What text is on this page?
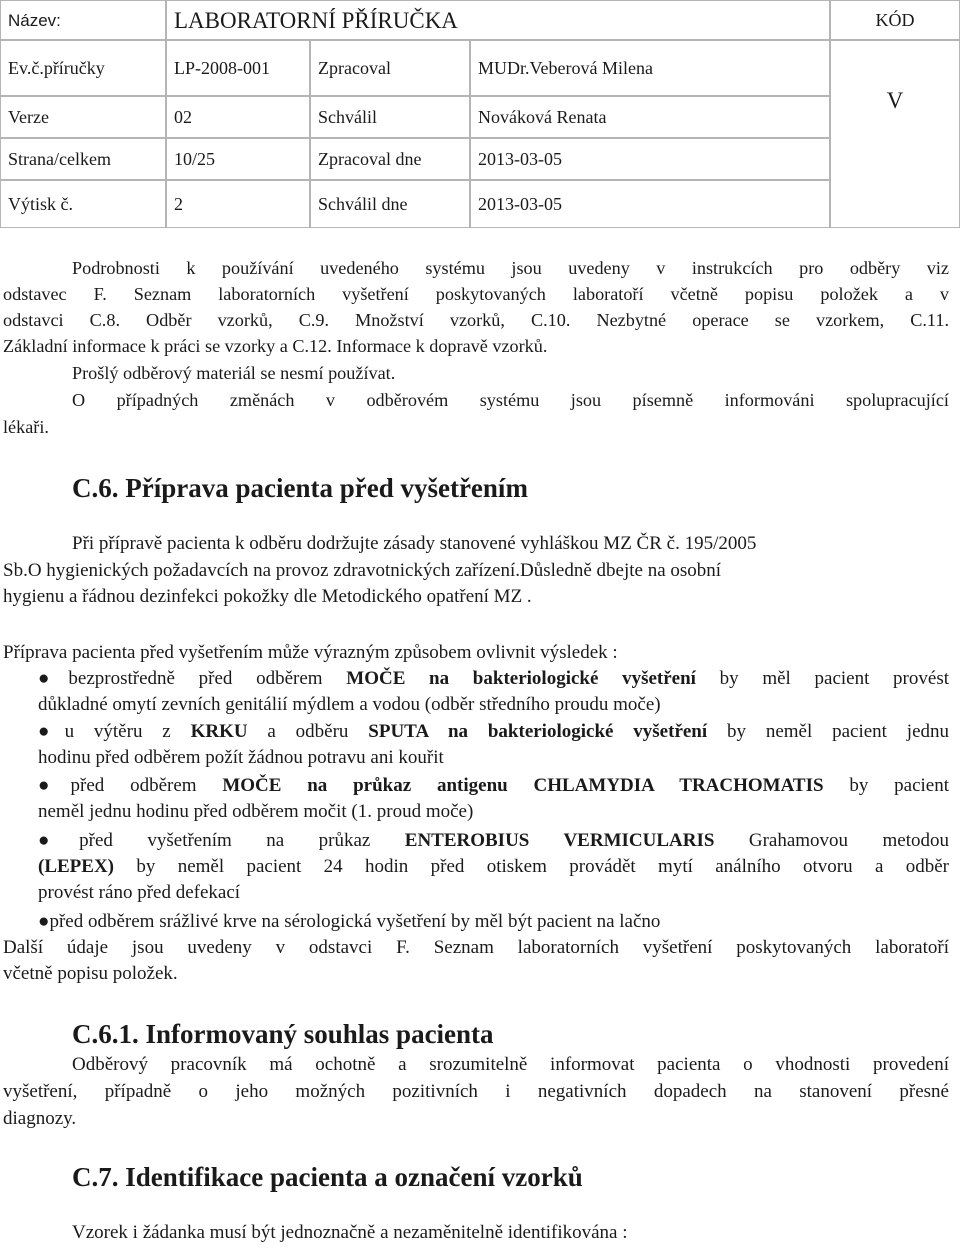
Název:	LABORATORNÍ PŘÍRUČKA	KÓD
V
Ev.č.příručky	LP-2008-001	Zpracoval	MUDr.Veberová Milena
Verze	02	Schválil	Nováková Renata
Strana/celkem	10/25	Zpracoval dne	2013-03-05
Výtisk č.	2	Schválil dne	2013-03-05

Podrobnosti k používání uvedeného systému jsou uvedeny v instrukcích pro odběry viz

odstavec F. Seznam laboratorních vyšetření poskytovaných laboratoří včetně popisu položek a v

odstavci C.8. Odběr vzorků, C.9. Množství vzorků, C.10. Nezbytné operace se vzorkem, C.11.

Základní informace k práci se vzorky a C.12. Informace k dopravě vzorků.

Prošlý odběrový materiál se nesmí používat.

O případných změnách v odběrovém systému jsou písemně informováni spolupracující

lékaři.

C.6. Příprava pacienta před vyšetřením

Při přípravě pacienta k odběru dodržujte zásady stanovené vyhláškou MZ ČR č. 195/2005

Sb.O hygienických požadavcích na provoz zdravotnických zařízení.Důsledně dbejte na osobní

hygienu a řádnou dezinfekci pokožky dle Metodického opatření MZ .

Příprava pacienta před vyšetřením může výrazným způsobem ovlivnit výsledek :

●bezprostředně před odběrem MOČE na bakteriologické vyšetření by měl pacient provést

důkladné omytí zevních genitálií mýdlem a vodou (odběr středního proudu moče)

●u výtěru z KRKU a odběru SPUTA na bakteriologické vyšetření by neměl pacient jednu

hodinu před odběrem požít žádnou potravu ani kouřit

●před odběrem MOČE na průkaz antigenu CHLAMYDIA TRACHOMATIS by pacient

neměl jednu hodinu před odběrem močit (1. proud moče)

●před vyšetřením na průkaz ENTEROBIUS VERMICULARIS Grahamovou metodou

(LEPEX) by neměl pacient 24 hodin před otiskem provádět mytí análního otvoru a odběr

provést ráno před defekací

●před odběrem srážlivé krve na sérologická vyšetření by měl být pacient na lačno

Další údaje jsou uvedeny v odstavci F. Seznam laboratorních vyšetření poskytovaných laboratoří

včetně popisu položek.

C.6.1. Informovaný souhlas pacienta

Odběrový pracovník má ochotně a srozumitelně informovat pacienta o vhodnosti provedení

vyšetření, případně o jeho možných pozitivních i negativních dopadech na stanovení přesné

diagnozy.

C.7. Identifikace pacienta a označení vzorků

Vzorek i žádanka musí být jednoznačně a nezaměnitelně identifikována :
